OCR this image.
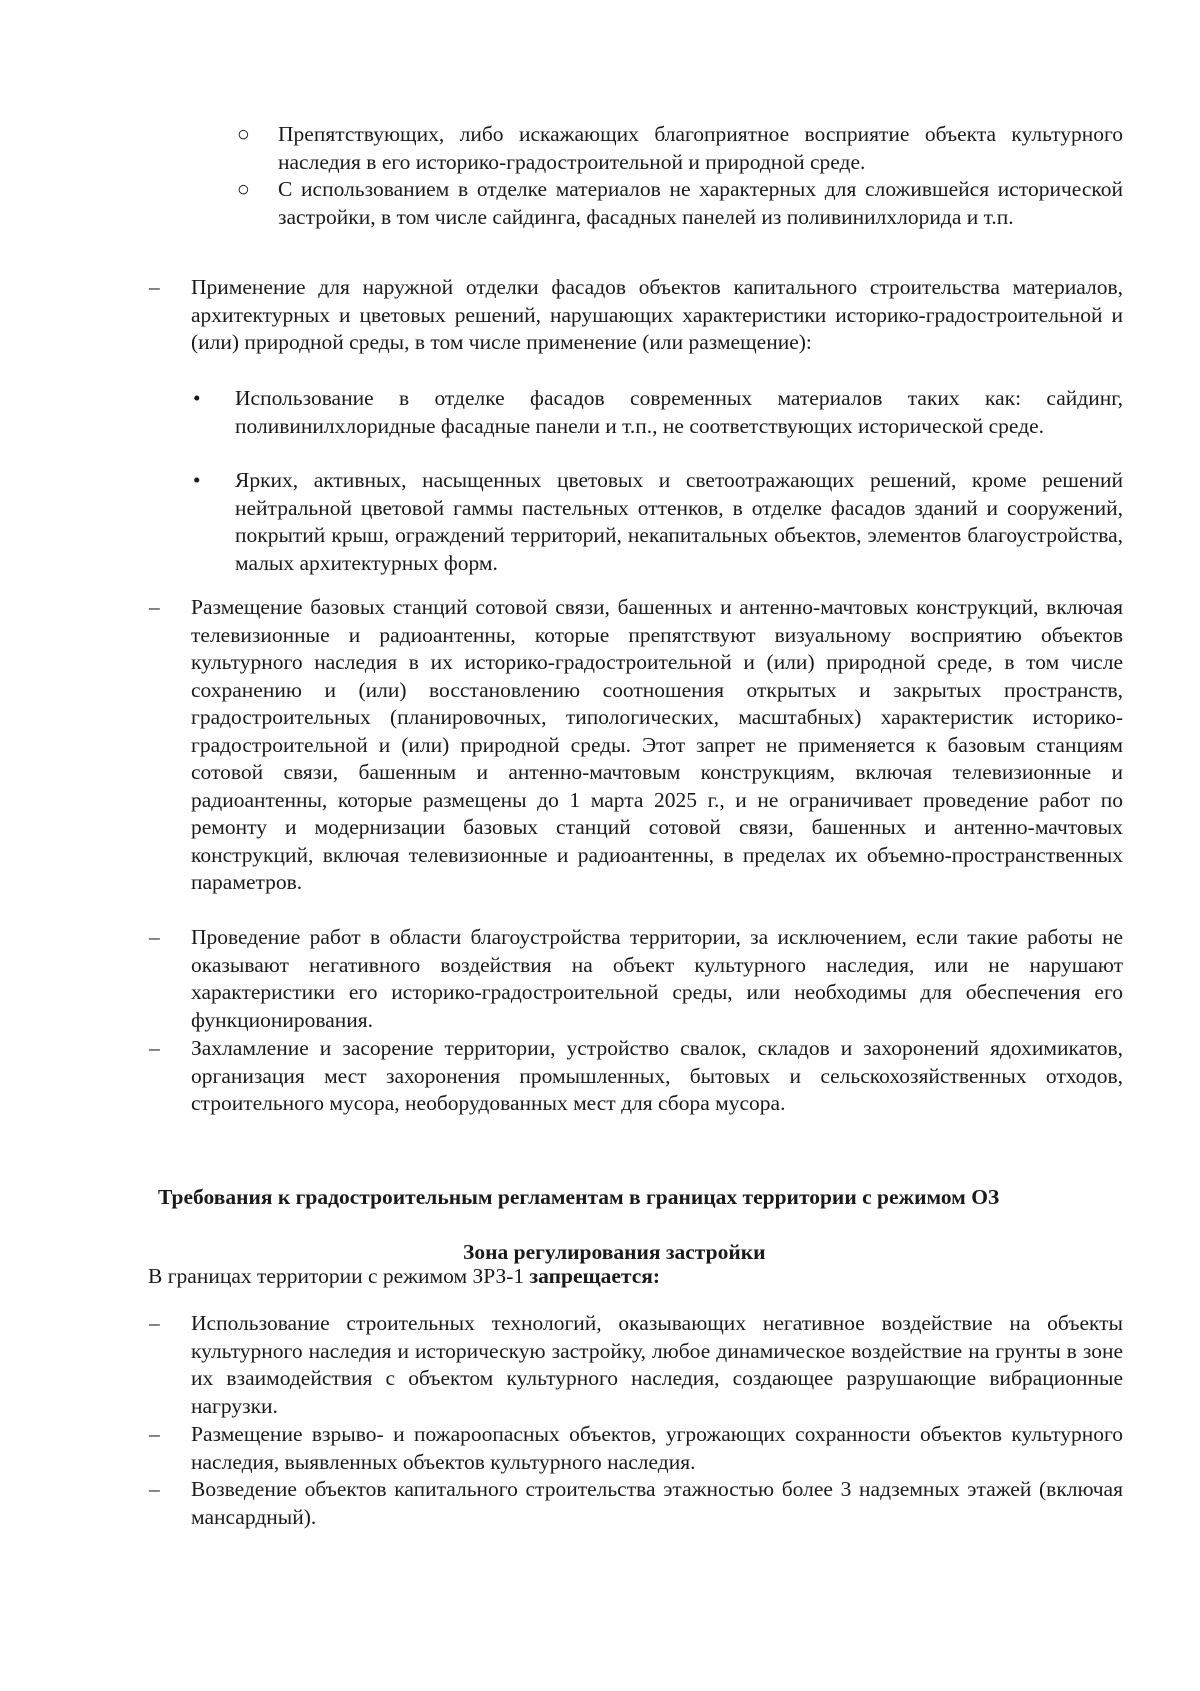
○ Препятствующих, либо искажающих благоприятное восприятие объекта культурного наследия в его историко-градостроительной и природной среде.

○ С использованием в отделке материалов не характерных для сложившейся исторической застройки, в том числе сайдинга, фасадных панелей из поливинилхлорида и т.п.

– Применение для наружной отделки фасадов объектов капитального строительства материалов, архитектурных и цветовых решений, нарушающих характеристики историко-градостроительной и (или) природной среды, в том числе применение (или размещение):

• Использование в отделке фасадов современных материалов таких как: сайдинг, поливинилхлоридные фасадные панели и т.п., не соответствующих исторической среде.

• Ярких, активных, насыщенных цветовых и светоотражающих решений, кроме решений нейтральной цветовой гаммы пастельных оттенков, в отделке фасадов зданий и сооружений, покрытий крыш, ограждений территорий, некапитальных объектов, элементов благоустройства, малых архитектурных форм.

– Размещение базовых станций сотовой связи, башенных и антенно-мачтовых конструкций, включая телевизионные и радиоантенны, которые препятствуют визуальному восприятию объектов культурного наследия в их историко-градостроительной и (или) природной среде, в том числе сохранению и (или) восстановлению соотношения открытых и закрытых пространств, градостроительных (планировочных, типологических, масштабных) характеристик историко-градостроительной и (или) природной среды. Этот запрет не применяется к базовым станциям сотовой связи, башенным и антенно-мачтовым конструкциям, включая телевизионные и радиоантенны, которые размещены до 1 марта 2025 г., и не ограничивает проведение работ по ремонту и модернизации базовых станций сотовой связи, башенных и антенно-мачтовых конструкций, включая телевизионные и радиоантенны, в пределах их объемно-пространственных параметров.

– Проведение работ в области благоустройства территории, за исключением, если такие работы не оказывают негативного воздействия на объект культурного наследия, или не нарушают характеристики его историко-градостроительной среды, или необходимы для обеспечения его функционирования.

– Захламление и засорение территории, устройство свалок, складов и захоронений ядохимикатов, организация мест захоронения промышленных, бытовых и сельскохозяйственных отходов, строительного мусора, необорудованных мест для сбора мусора.

Требования к градостроительным регламентам в границах территории с режимом ОЗ
Зона регулирования застройки
В границах территории с режимом ЗРЗ-1 запрещается:
– Использование строительных технологий, оказывающих негативное воздействие на объекты культурного наследия и историческую застройку, любое динамическое воздействие на грунты в зоне их взаимодействия с объектом культурного наследия, создающее разрушающие вибрационные нагрузки.

– Размещение взрыво- и пожароопасных объектов, угрожающих сохранности объектов культурного наследия, выявленных объектов культурного наследия.

– Возведение объектов капитального строительства этажностью более 3 надземных этажей (включая мансардный).
